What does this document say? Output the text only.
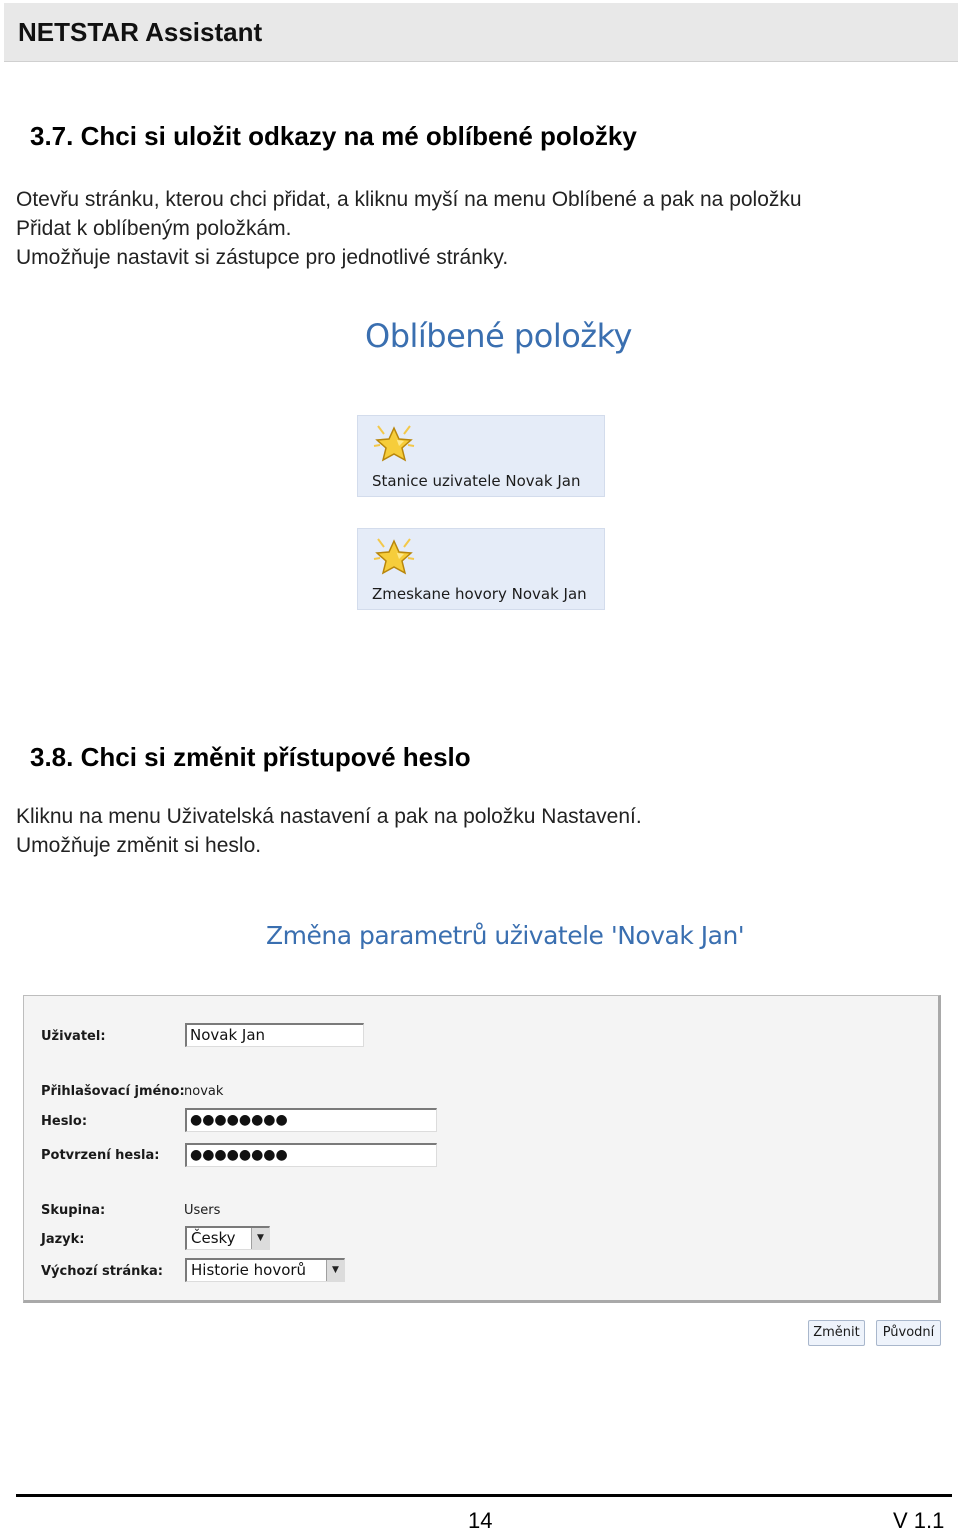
NETSTAR Assistant
3.7. Chci si uložit odkazy na mé oblíbené položky
Otevřu stránku, kterou chci přidat, a kliknu myší na menu Oblíbené a pak na položku
Přidat k oblíbeným položkám.
Umožňuje nastavit si zástupce pro jednotlivé stránky.
Oblíbené položky
Stanice uzivatele Novak Jan
Zmeskane hovory Novak Jan
3.8. Chci si změnit přístupové heslo
Kliknu na menu Uživatelská nastavení a pak na položku Nastavení.
Umožňuje změnit si heslo.
Změna parametrů uživatele 'Novak Jan'
Uživatel:	Novak Jan
Přihlašovací jméno: novak
Heslo:	●●●●●●●●
Potvrzení hesla:	●●●●●●●●
Skupina:	Users
Jazyk:	Česky	▼
Výchozí stránka:	Historie hovorů	▼
Změnit	Původní
14	V 1.1
